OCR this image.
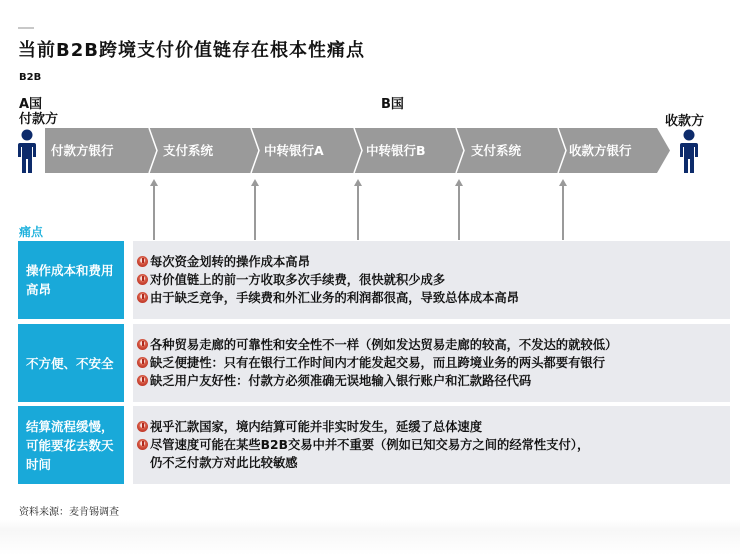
当前B2B跨境支付价值链存在根本性痛点
B2B
A国
付款方
B国
收款方
付款方银行	支付系统	中转银行A	中转银行B	支付系统	收款方银行
痛点
操作成本和费用高昂
每次资金划转的操作成本高昂
对价值链上的前一方收取多次手续费，很快就积少成多
由于缺乏竞争，手续费和外汇业务的利润都很高，导致总体成本高昂
不方便、不安全
各种贸易走廊的可靠性和安全性不一样（例如发达贸易走廊的较高，不发达的就较低）
缺乏便捷性：只有在银行工作时间内才能发起交易，而且跨境业务的两头都要有银行
缺乏用户友好性：付款方必须准确无误地输入银行账户和汇款路径代码
结算流程缓慢，可能要花去数天时间
视乎汇款国家，境内结算可能并非实时发生，延缓了总体速度
尽管速度可能在某些B2B交易中并不重要（例如已知交易方之间的经常性支付），
仍不乏付款方对此比较敏感
资料来源：麦肯锡调查
